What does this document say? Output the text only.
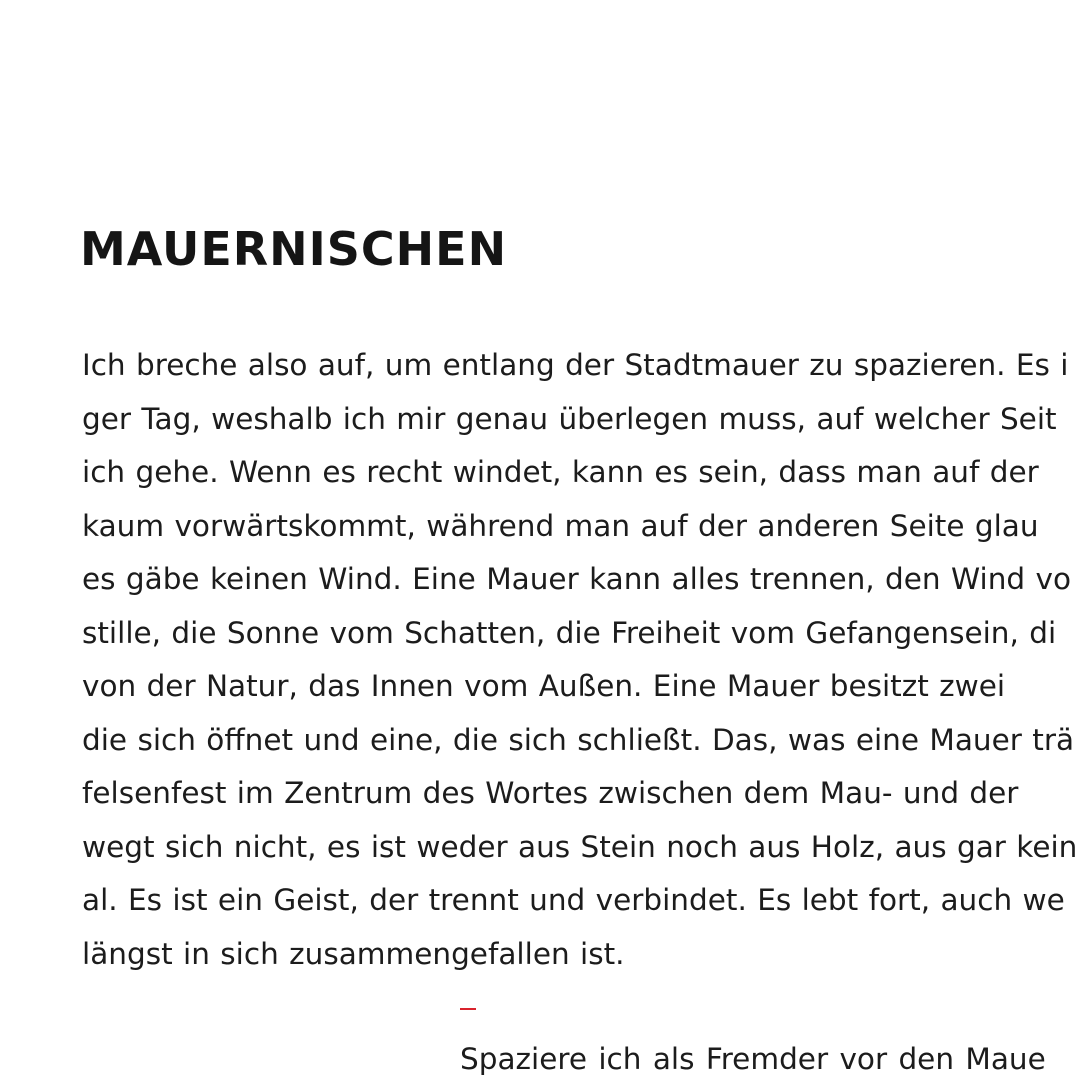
MAUERNISCHEN
Ich breche also auf, um entlang der Stadtmauer zu spazieren. Es i
ger Tag, weshalb ich mir genau überlegen muss, auf welcher Seit
ich gehe. Wenn es recht windet, kann es sein, dass man auf der
kaum vorwärtskommt, während man auf der anderen Seite glau
es gäbe keinen Wind. Eine Mauer kann alles trennen, den Wind vo
stille, die Sonne vom Schatten, die Freiheit vom Gefangensein, di
von der Natur, das Innen vom Außen. Eine Mauer besitzt zwei
die sich öffnet und eine, die sich schließt. Das, was eine Mauer trä
felsenfest im Zentrum des Wortes zwischen dem Mau- und der
wegt sich nicht, es ist weder aus Stein noch aus Holz, aus gar kein
al. Es ist ein Geist, der trennt und verbindet. Es lebt fort, auch we
längst in sich zusammengefallen ist.
Spaziere ich als Fremder vor den Maue
